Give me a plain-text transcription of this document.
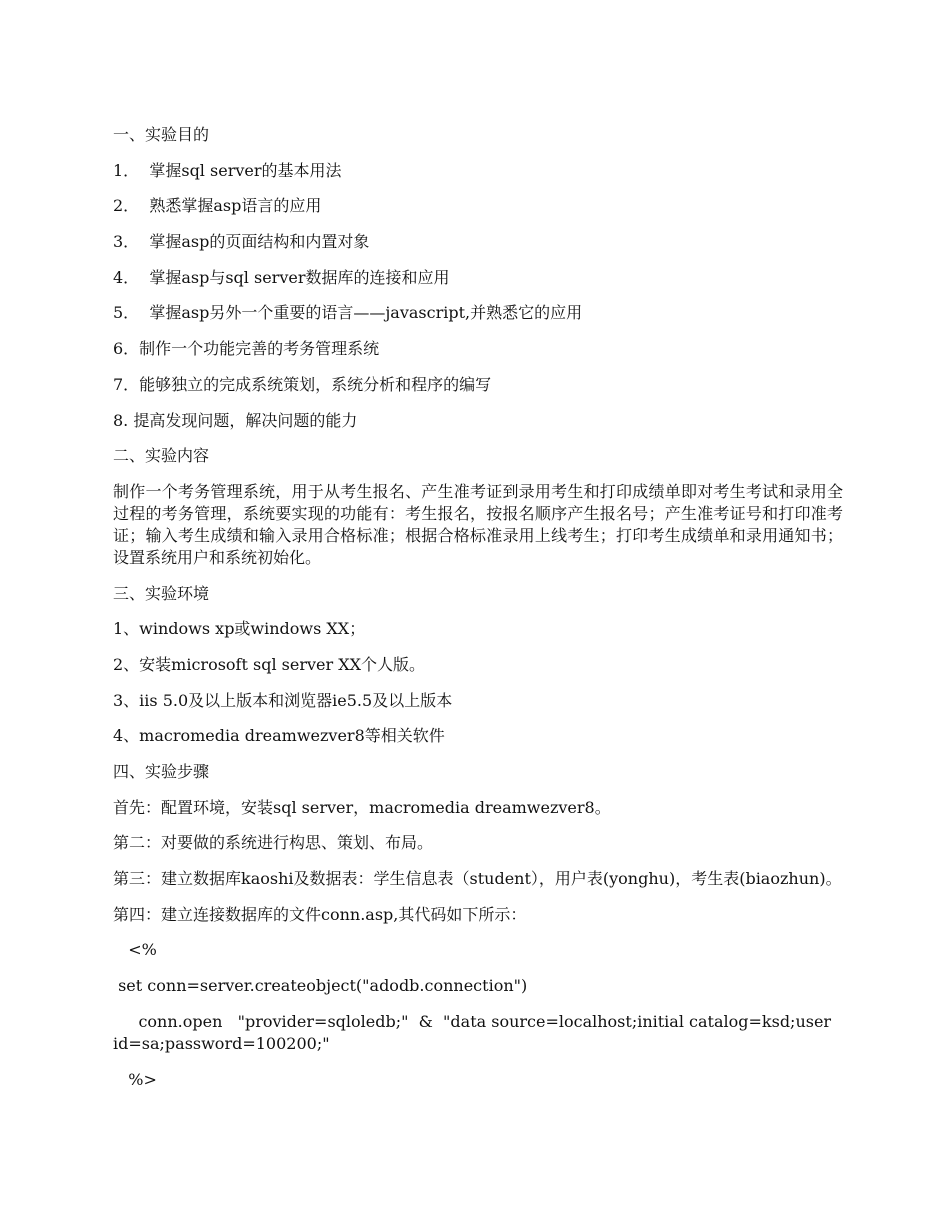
一、实验目的
1．  掌握sql server的基本用法
2．  熟悉掌握asp语言的应用
3．  掌握asp的页面结构和内置对象
4．  掌握asp与sql server数据库的连接和应用
5．  掌握asp另外一个重要的语言——javascript,并熟悉它的应用
6．制作一个功能完善的考务管理系统
7．能够独立的完成系统策划，系统分析和程序的编写
8. 提高发现问题，解决问题的能力
二、实验内容
制作一个考务管理系统，用于从考生报名、产生准考证到录用考生和打印成绩单即对考生考试和录用全过程的考务管理，系统要实现的功能有：考生报名，按报名顺序产生报名号；产生准考证号和打印准考证；输入考生成绩和输入录用合格标准；根据合格标准录用上线考生；打印考生成绩单和录用通知书；设置系统用户和系统初始化。
三、实验环境
1、windows xp或windows XX；
2、安装microsoft sql server XX个人版。
3、iis 5.0及以上版本和浏览器ie5.5及以上版本
4、macromedia dreamwezver8等相关软件
四、实验步骤
首先：配置环境，安装sql server，macromedia dreamwezver8。
第二：对要做的系统进行构思、策划、布局。
第三：建立数据库kaoshi及数据表：学生信息表（student），用户表(yonghu)，考生表(biaozhun)。
第四：建立连接数据库的文件conn.asp,其代码如下所示：
<%
set conn=server.createobject("adodb.connection")
conn.open   "provider=sqloledb;"  &  "data source=localhost;initial catalog=ksd;user id=sa;password=100200;"
%>
